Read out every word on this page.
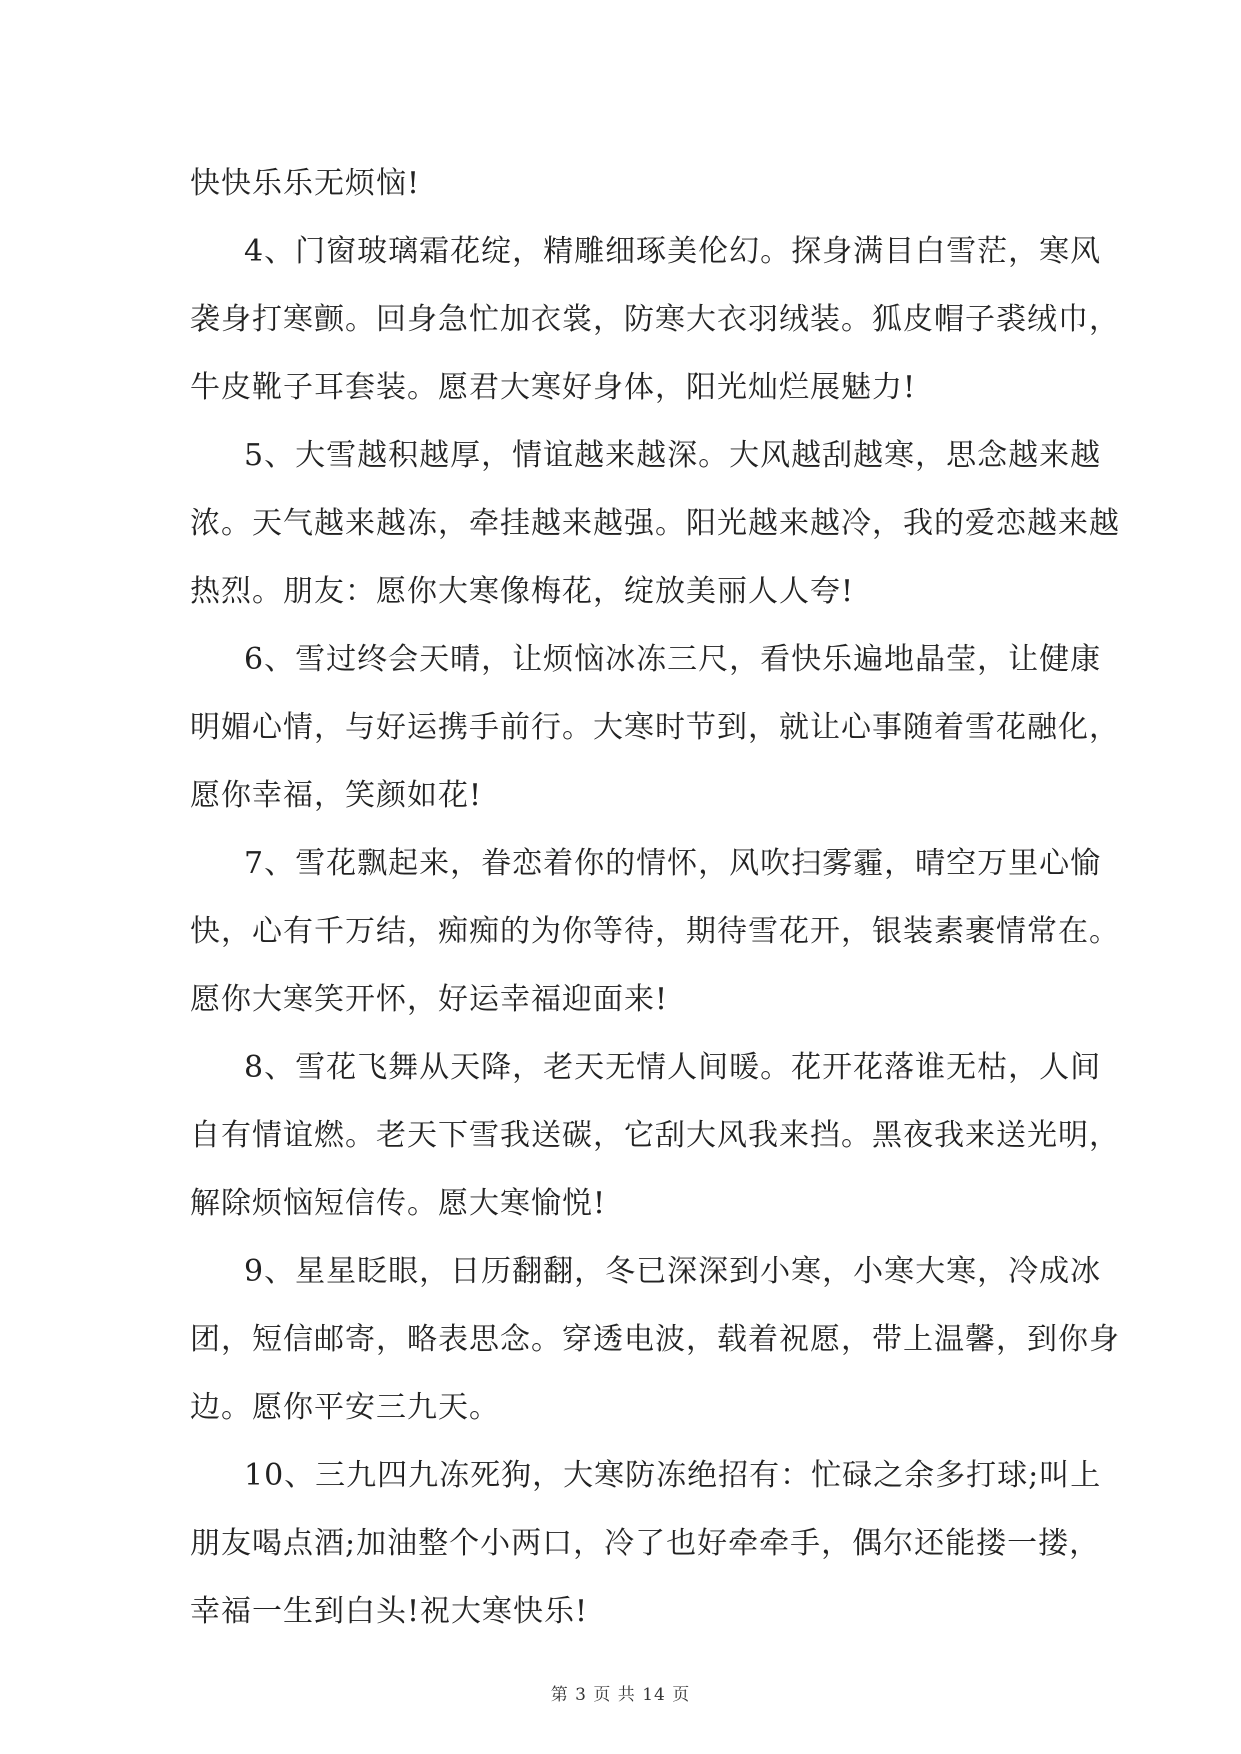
快快乐乐无烦恼!
4、门窗玻璃霜花绽，精雕细琢美伦幻。探身满目白雪茫，寒风
袭身打寒颤。回身急忙加衣裳，防寒大衣羽绒装。狐皮帽子裘绒巾，
牛皮靴子耳套装。愿君大寒好身体，阳光灿烂展魅力!
5、大雪越积越厚，情谊越来越深。大风越刮越寒，思念越来越
浓。天气越来越冻，牵挂越来越强。阳光越来越冷，我的爱恋越来越
热烈。朋友：愿你大寒像梅花，绽放美丽人人夸!
6、雪过终会天晴，让烦恼冰冻三尺，看快乐遍地晶莹，让健康
明媚心情，与好运携手前行。大寒时节到，就让心事随着雪花融化，
愿你幸福，笑颜如花!
7、雪花飘起来，眷恋着你的情怀，风吹扫雾霾，晴空万里心愉
快，心有千万结，痴痴的为你等待，期待雪花开，银装素裹情常在。
愿你大寒笑开怀，好运幸福迎面来!
8、雪花飞舞从天降，老天无情人间暖。花开花落谁无枯，人间
自有情谊燃。老天下雪我送碳，它刮大风我来挡。黑夜我来送光明，
解除烦恼短信传。愿大寒愉悦!
9、星星眨眼，日历翻翻，冬已深深到小寒，小寒大寒，冷成冰
团，短信邮寄，略表思念。穿透电波，载着祝愿，带上温馨，到你身
边。愿你平安三九天。
10、三九四九冻死狗，大寒防冻绝招有：忙碌之余多打球;叫上
朋友喝点酒;加油整个小两口，冷了也好牵牵手，偶尔还能搂一搂，
幸福一生到白头!祝大寒快乐!
第 3 页 共 14 页
